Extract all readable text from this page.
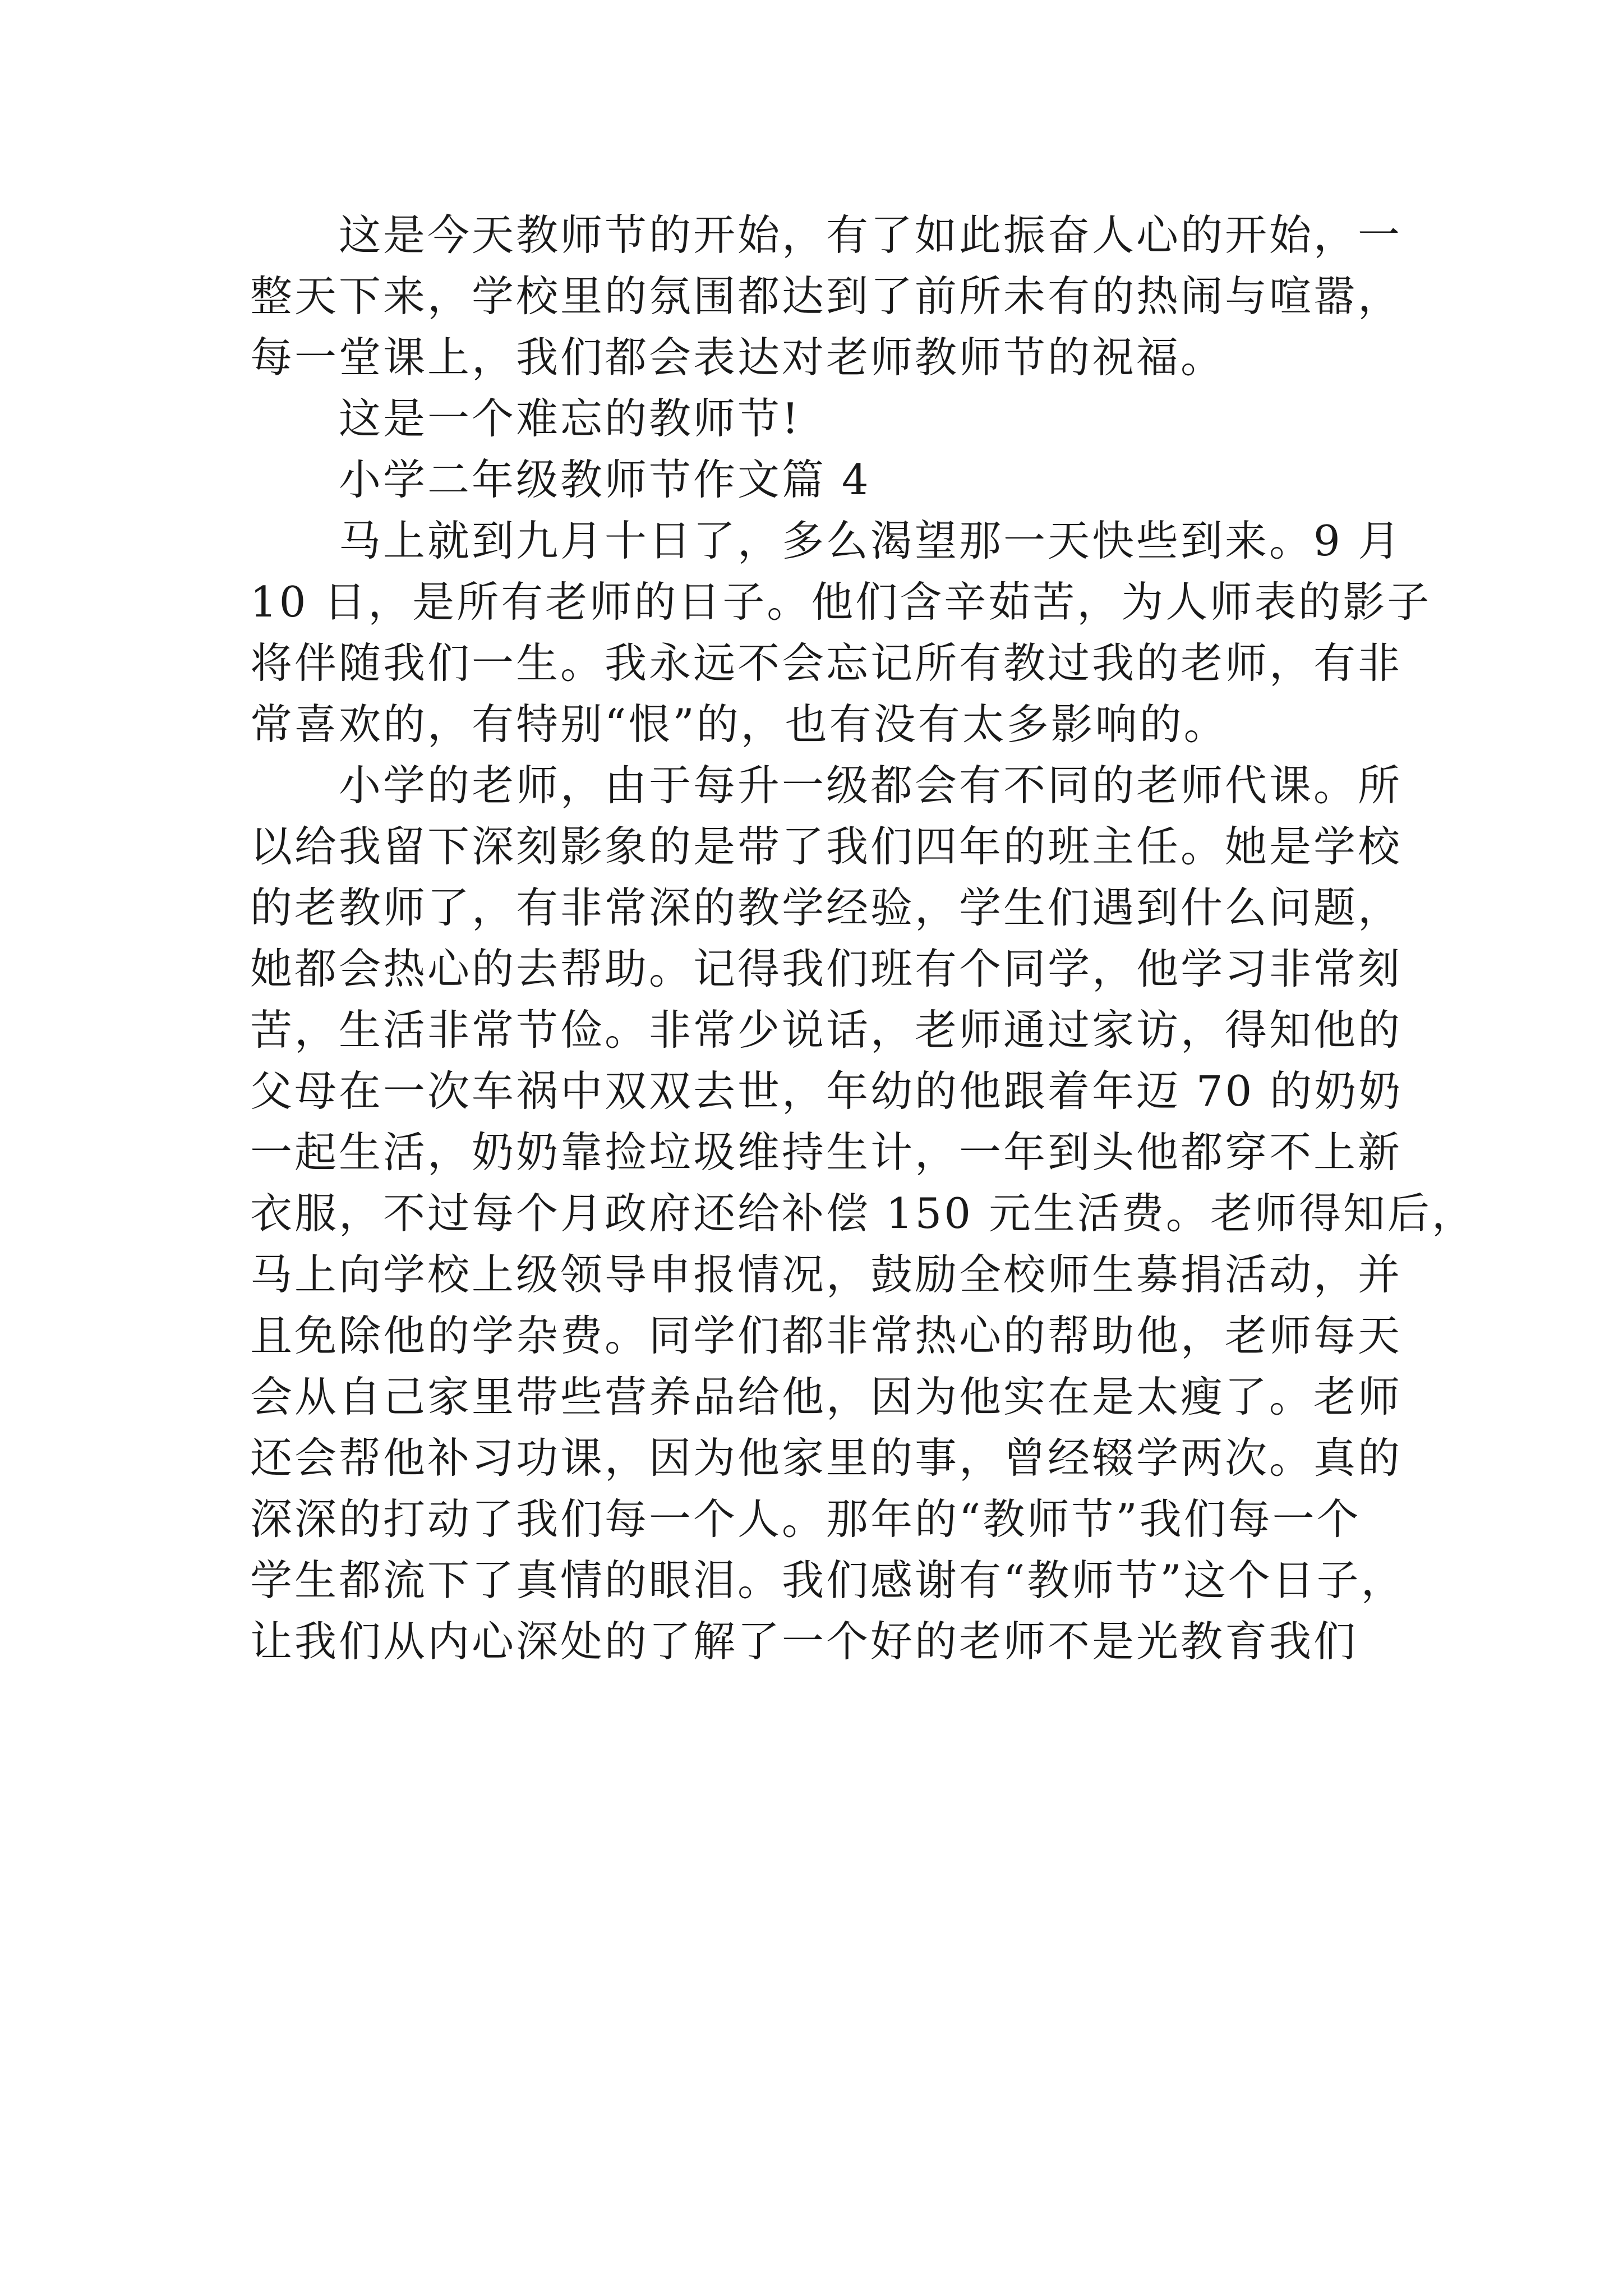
这是今天教师节的开始，有了如此振奋人心的开始，一
整天下来，学校里的氛围都达到了前所未有的热闹与喧嚣，
每一堂课上，我们都会表达对老师教师节的祝福。
这是一个难忘的教师节!
小学二年级教师节作文篇 4
马上就到九月十日了，多么渴望那一天快些到来。9 月
10 日，是所有老师的日子。他们含辛茹苦，为人师表的影子
将伴随我们一生。我永远不会忘记所有教过我的老师，有非
常喜欢的，有特别“恨”的，也有没有太多影响的。
小学的老师，由于每升一级都会有不同的老师代课。所
以给我留下深刻影象的是带了我们四年的班主任。她是学校
的老教师了，有非常深的教学经验，学生们遇到什么问题，
她都会热心的去帮助。记得我们班有个同学，他学习非常刻
苦，生活非常节俭。非常少说话，老师通过家访，得知他的
父母在一次车祸中双双去世，年幼的他跟着年迈 70 的奶奶
一起生活，奶奶靠捡垃圾维持生计，一年到头他都穿不上新
衣服，不过每个月政府还给补偿 150 元生活费。老师得知后，
马上向学校上级领导申报情况，鼓励全校师生募捐活动，并
且免除他的学杂费。同学们都非常热心的帮助他，老师每天
会从自己家里带些营养品给他，因为他实在是太瘦了。老师
还会帮他补习功课，因为他家里的事，曾经辍学两次。真的
深深的打动了我们每一个人。那年的“教师节”我们每一个
学生都流下了真情的眼泪。我们感谢有“教师节”这个日子，
让我们从内心深处的了解了一个好的老师不是光教育我们
